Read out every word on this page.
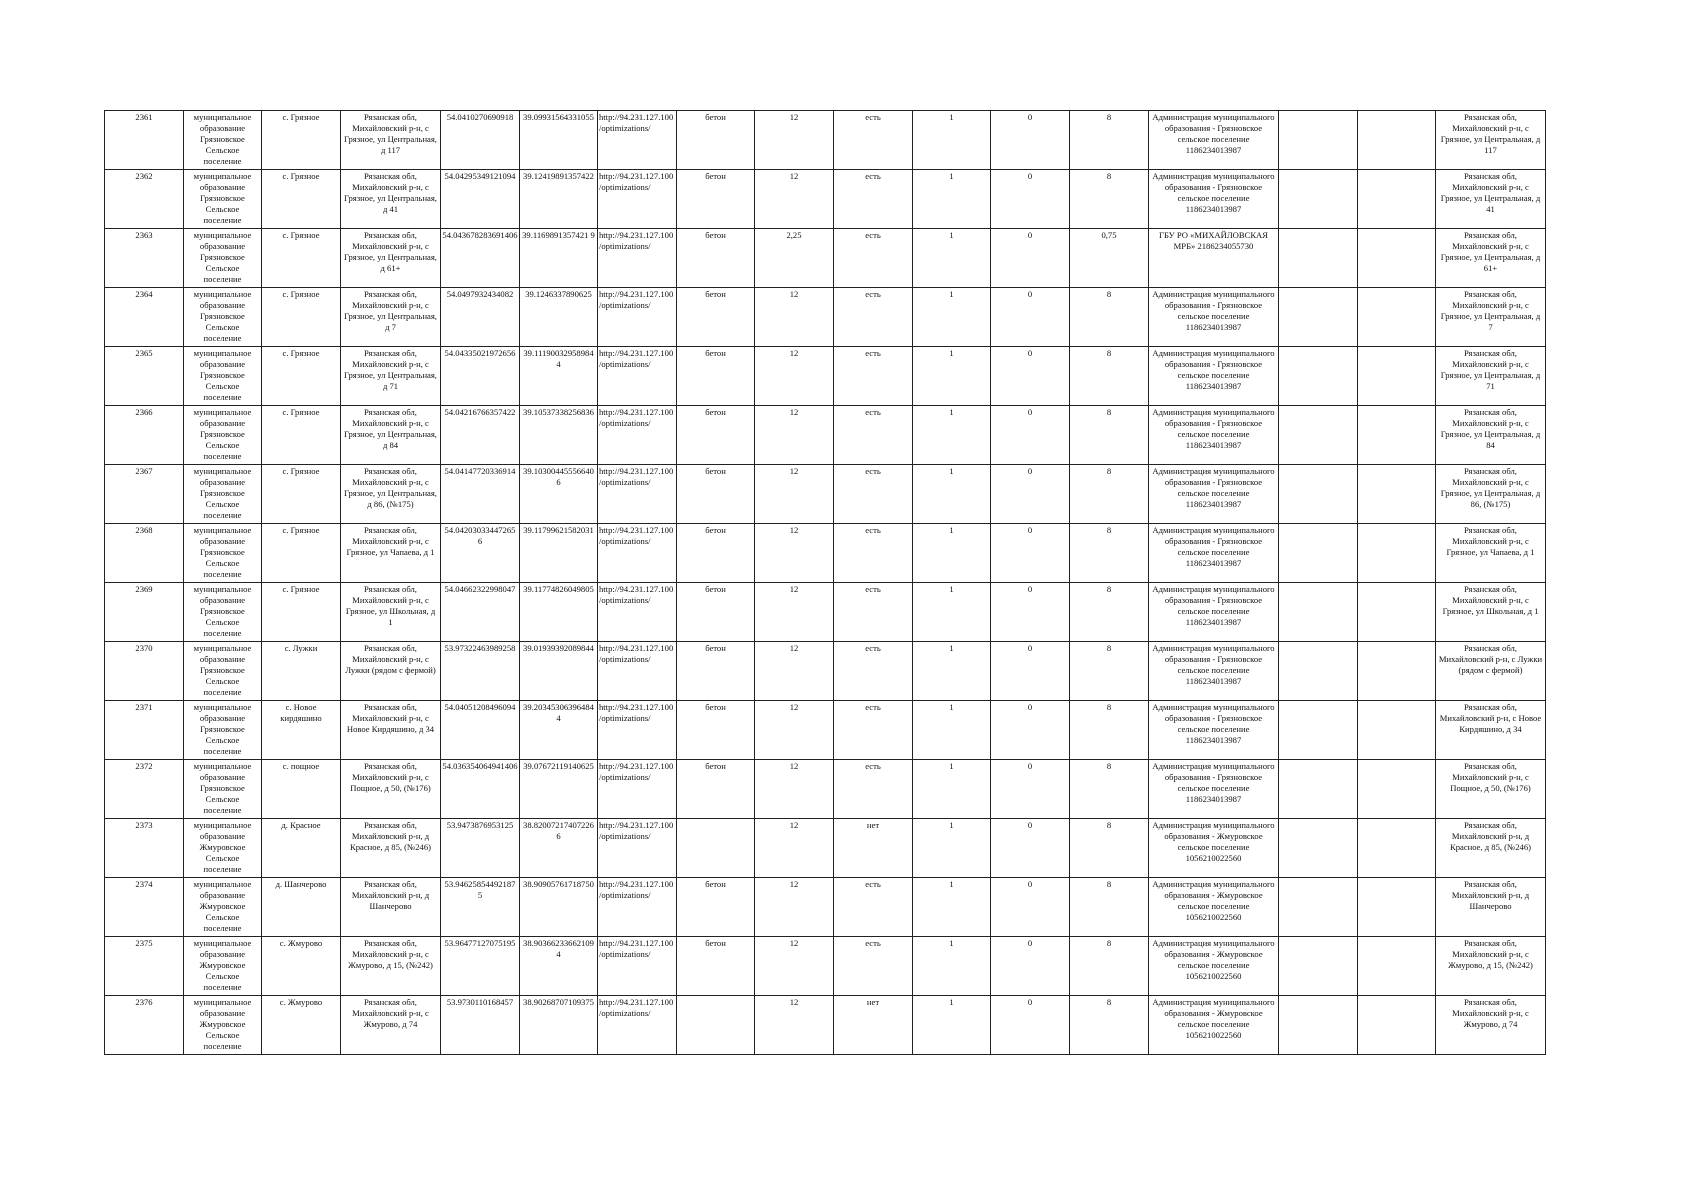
2361	муниципальное образование Грязновское Сельское поселение	с. Грязное	Рязанская обл, Михайловский р-н, с Грязное, ул Центральная, д 117	54.0410270690918	39.09931564331055	http://94.231.127.100/optimizations/	бетон	12	есть	1	0	8	Администрация муниципального образования - Грязновское сельское поселение 1186234013987			Рязанская обл, Михайловский р-н, с Грязное, ул Центральная, д 117
2362	муниципальное образование Грязновское Сельское поселение	с. Грязное	Рязанская обл, Михайловский р-н, с Грязное, ул Центральная, д 41	54.04295349121094	39.12419891357422	http://94.231.127.100/optimizations/	бетон	12	есть	1	0	8	Администрация муниципального образования - Грязновское сельское поселение 1186234013987			Рязанская обл, Михайловский р-н, с Грязное, ул Центральная, д 41
2363	муниципальное образование Грязновское Сельское поселение	с. Грязное	Рязанская обл, Михайловский р-н, с Грязное, ул Центральная, д 61+	54.043678283691406	39.1169891357421 9	http://94.231.127.100/optimizations/	бетон	2,25	есть	1	0	0,75	ГБУ РО «МИХАЙЛОВСКАЯ МРБ» 2186234055730			Рязанская обл, Михайловский р-н, с Грязное, ул Центральная, д 61+
2364	муниципальное образование Грязновское Сельское поселение	с. Грязное	Рязанская обл, Михайловский р-н, с Грязное, ул Центральная, д 7	54.0497932434082	39.1246337890625	http://94.231.127.100/optimizations/	бетон	12	есть	1	0	8	Администрация муниципального образования - Грязновское сельское поселение 1186234013987			Рязанская обл, Михайловский р-н, с Грязное, ул Центральная, д 7
2365	муниципальное образование Грязновское Сельское поселение	с. Грязное	Рязанская обл, Михайловский р-н, с Грязное, ул Центральная, д 71	54.04335021972656	39.11190032958984 4	http://94.231.127.100/optimizations/	бетон	12	есть	1	0	8	Администрация муниципального образования - Грязновское сельское поселение 1186234013987			Рязанская обл, Михайловский р-н, с Грязное, ул Центральная, д 71
2366	муниципальное образование Грязновское Сельское поселение	с. Грязное	Рязанская обл, Михайловский р-н, с Грязное, ул Центральная, д 84	54.04216766357422	39.10537338256836	http://94.231.127.100/optimizations/	бетон	12	есть	1	0	8	Администрация муниципального образования - Грязновское сельское поселение 1186234013987			Рязанская обл, Михайловский р-н, с Грязное, ул Центральная, д 84
2367	муниципальное образование Грязновское Сельское поселение	с. Грязное	Рязанская обл, Михайловский р-н, с Грязное, ул Центральная, д 86, (№175)	54.04147720336914	39.10300445556640 6	http://94.231.127.100/optimizations/	бетон	12	есть	1	0	8	Администрация муниципального образования - Грязновское сельское поселение 1186234013987			Рязанская обл, Михайловский р-н, с Грязное, ул Центральная, д 86, (№175)
2368	муниципальное образование Грязновское Сельское поселение	с. Грязное	Рязанская обл, Михайловский р-н, с Грязное, ул Чапаева, д 1	54.04203033447265 6	39.11799621582031	http://94.231.127.100/optimizations/	бетон	12	есть	1	0	8	Администрация муниципального образования - Грязновское сельское поселение 1186234013987			Рязанская обл, Михайловский р-н, с Грязное, ул Чапаева, д 1
2369	муниципальное образование Грязновское Сельское поселение	с. Грязное	Рязанская обл, Михайловский р-н, с Грязное, ул Школьная, д 1	54.04662322998047	39.11774826049805	http://94.231.127.100/optimizations/	бетон	12	есть	1	0	8	Администрация муниципального образования - Грязновское сельское поселение 1186234013987			Рязанская обл, Михайловский р-н, с Грязное, ул Школьная, д 1
2370	муниципальное образование Грязновское Сельское поселение	с. Лужки	Рязанская обл, Михайловский р-н, с Лужки (рядом с фермой)	53.97322463989258	39.01939392089844	http://94.231.127.100/optimizations/	бетон	12	есть	1	0	8	Администрация муниципального образования - Грязновское сельское поселение 1186234013987			Рязанская обл, Михайловский р-н, с Лужки (рядом с фермой)
2371	муниципальное образование Грязновское Сельское поселение	с. Новое кирдяшино	Рязанская обл, Михайловский р-н, с Новое Кирдяшино, д 34	54.04051208496094	39.20345306396484 4	http://94.231.127.100/optimizations/	бетон	12	есть	1	0	8	Администрация муниципального образования - Грязновское сельское поселение 1186234013987			Рязанская обл, Михайловский р-н, с Новое Кирдяшино, д 34
2372	муниципальное образование Грязновское Сельское поселение	с. пощное	Рязанская обл, Михайловский р-н, с Пощное, д 50, (№176)	54.036354064941406	39.07672119140625	http://94.231.127.100/optimizations/	бетон	12	есть	1	0	8	Администрация муниципального образования - Грязновское сельское поселение 1186234013987			Рязанская обл, Михайловский р-н, с Пощное, д 50, (№176)
2373	муниципальное образование Жмуровское Сельское поселение	д. Красное	Рязанская обл, Михайловский р-н, д Красное, д 85, (№246)	53.9473876953125	38.82007217407226 6	http://94.231.127.100/optimizations/		12	нет	1	0	8	Администрация муниципального образования - Жмуровское сельское поселение 1056210022560			Рязанская обл, Михайловский р-н, д Красное, д 85, (№246)
2374	муниципальное образование Жмуровское Сельское поселение	д. Шанчерово	Рязанская обл, Михайловский р-н, д Шанчерово	53.94625854492187 5	38.90905761718750	http://94.231.127.100/optimizations/	бетон	12	есть	1	0	8	Администрация муниципального образования - Жмуровское сельское поселение 1056210022560			Рязанская обл, Михайловский р-н, д Шанчерово
2375	муниципальное образование Жмуровское Сельское поселение	с. Жмурово	Рязанская обл, Михайловский р-н, с Жмурово, д 15, (№242)	53.96477127075195	38.90366233662109 4	http://94.231.127.100/optimizations/	бетон	12	есть	1	0	8	Администрация муниципального образования - Жмуровское сельское поселение 1056210022560			Рязанская обл, Михайловский р-н, с Жмурово, д 15, (№242)
2376	муниципальное образование Жмуровское Сельское поселение	с. Жмурово	Рязанская обл, Михайловский р-н, с Жмурово, д 74	53.9730110168457	38.90268707109375	http://94.231.127.100/optimizations/		12	нет	1	0	8	Администрация муниципального образования - Жмуровское сельское поселение 1056210022560			Рязанская обл, Михайловский р-н, с Жмурово, д 74
